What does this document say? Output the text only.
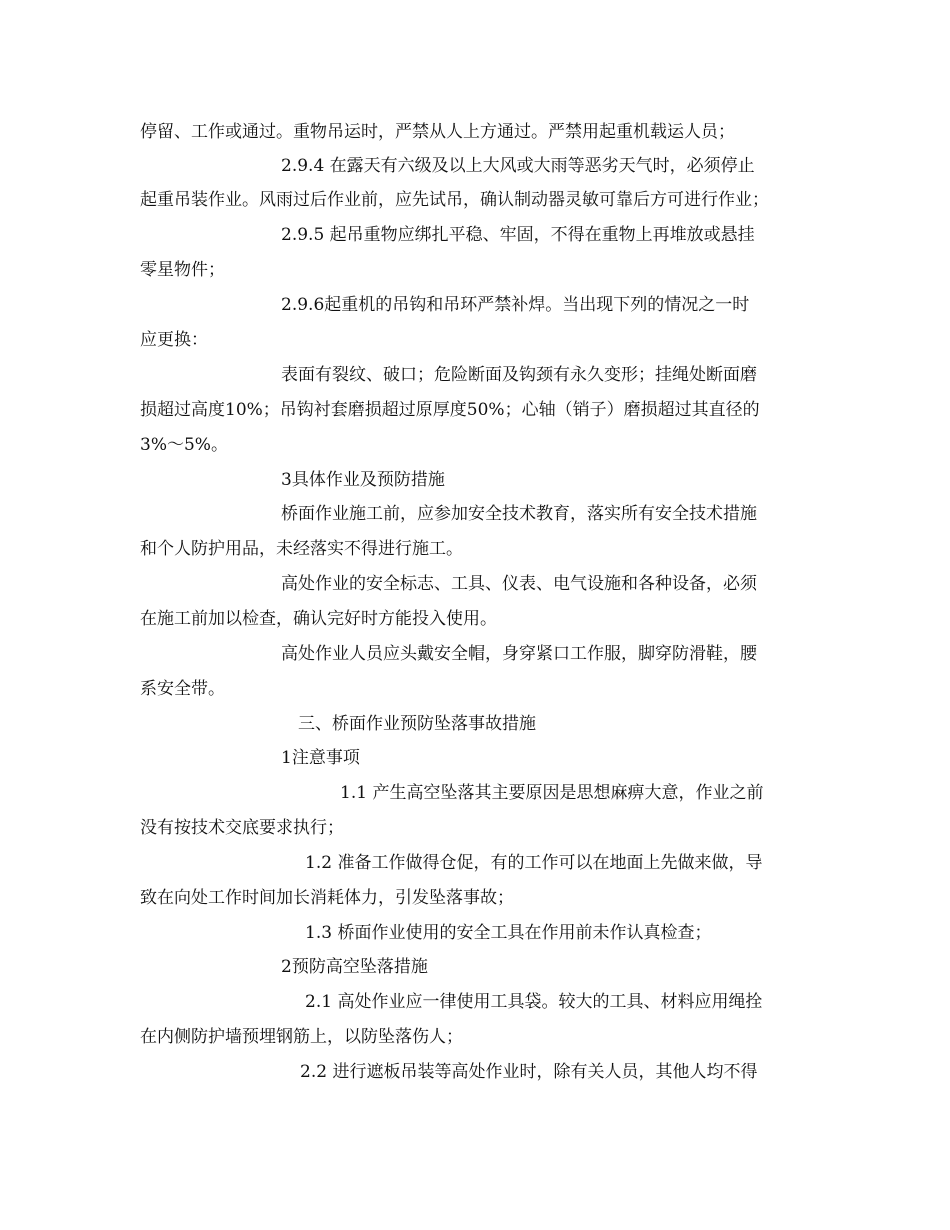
停留、工作或通过。重物吊运时，严禁从人上方通过。严禁用起重机载运人员；

2.9.4 在露天有六级及以上大风或大雨等恶劣天气时，必须停止

起重吊装作业。风雨过后作业前，应先试吊，确认制动器灵敏可靠后方可进行作业；

2.9.5 起吊重物应绑扎平稳、牢固，不得在重物上再堆放或悬挂

零星物件；

2.9.6起重机的吊钩和吊环严禁补焊。当出现下列的情况之一时

应更换：

表面有裂纹、破口；危险断面及钩颈有永久变形；挂绳处断面磨

损超过高度10%；吊钩衬套磨损超过原厚度50%；心轴（销子）磨损超过其直径的

3%～5%。

3具体作业及预防措施

桥面作业施工前，应参加安全技术教育，落实所有安全技术措施

和个人防护用品，未经落实不得进行施工。

高处作业的安全标志、工具、仪表、电气设施和各种设备，必须

在施工前加以检查，确认完好时方能投入使用。

高处作业人员应头戴安全帽，身穿紧口工作服，脚穿防滑鞋，腰

系安全带。

三、桥面作业预防坠落事故措施

1注意事项

1.1 产生高空坠落其主要原因是思想麻痹大意，作业之前

没有按技术交底要求执行；

1.2 准备工作做得仓促，有的工作可以在地面上先做来做，导

致在向处工作时间加长消耗体力，引发坠落事故；

1.3 桥面作业使用的安全工具在作用前未作认真检查；

2预防高空坠落措施

2.1 高处作业应一律使用工具袋。较大的工具、材料应用绳拴

在内侧防护墙预埋钢筋上，以防坠落伤人；

2.2 进行遮板吊装等高处作业时，除有关人员，其他人均不得
